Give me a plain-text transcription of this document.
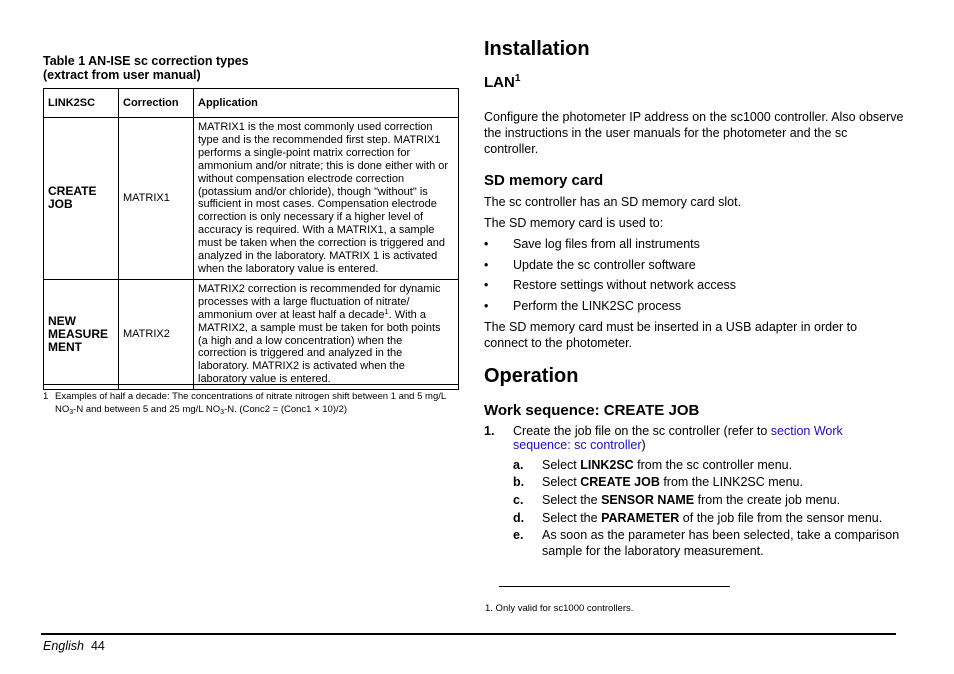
Table 1 AN-ISE sc correction types
(extract from user manual)
LINK2SC	Correction	Application
CREATE JOB	MATRIX1	MATRIX1 is the most commonly used correction type and is the recommended first step. MATRIX1 performs a single-point matrix correction for ammonium and/or nitrate; this is done either with or without compensation electrode correction (potassium and/or chloride), though "without" is sufficient in most cases. Compensation electrode correction is only necessary if a higher level of accuracy is required. With a MATRIX1, a sample must be taken when the correction is triggered and analyzed in the laboratory. MATRIX 1 is activated when the laboratory value is entered.
NEW MEASURE MENT	MATRIX2	MATRIX2 correction is recommended for dynamic processes with a large fluctuation of nitrate/ ammonium over at least half a decade$^1$. With a MATRIX2, a sample must be taken for both points (a high and a low concentration) when the correction is triggered and analyzed in the laboratory. MATRIX2 is activated when the laboratory value is entered.
1 Examples of half a decade: The concentrations of nitrate nitrogen shift between 1 and 5 mg/L $NO_3-N$ and between 5 and 25 mg/L $NO_3-N$. (Conc2 = (Conc1 × 10)/2)
Installation
LAN$^1$
Configure the photometer IP address on the sc1000 controller. Also observe the instructions in the user manuals for the photometer and the sc controller.
SD memory card
The sc controller has an SD memory card slot.
The SD memory card is used to:
• Save log files from all instruments
• Update the sc controller software
• Restore settings without network access
• Perform the LINK2SC process
The SD memory card must be inserted in a USB adapter in order to connect to the photometer.
Operation
Work sequence: CREATE JOB
1. Create the job file on the sc controller (refer to section Work sequence: sc controller)
a. Select LINK2SC from the sc controller menu.
b. Select CREATE JOB from the LINK2SC menu.
c. Select the SENSOR NAME from the create job menu.
d. Select the PARAMETER of the job file from the sensor menu.
e. As soon as the parameter has been selected, take a comparison sample for the laboratory measurement.
1. Only valid for sc1000 controllers.
English 44
